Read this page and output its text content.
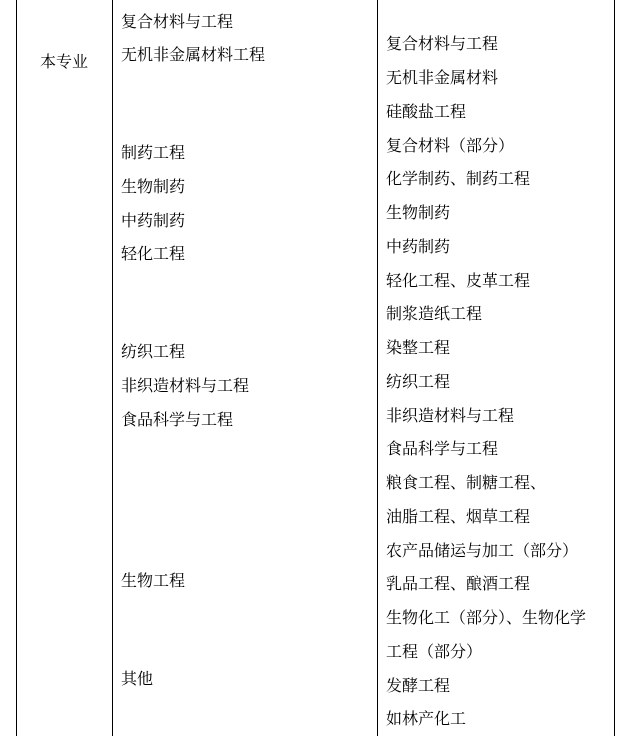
本专业
复合材料与工程
无机非金属材料工程
制药工程
生物制药
中药制药
轻化工程
纺织工程
非织造材料与工程
食品科学与工程
生物工程
其他
复合材料与工程
无机非金属材料
硅酸盐工程
复合材料（部分）
化学制药、制药工程
生物制药
中药制药
轻化工程、皮革工程
制浆造纸工程
染整工程
纺织工程
非织造材料与工程
食品科学与工程
粮食工程、制糖工程、
油脂工程、烟草工程
农产品储运与加工（部分）
乳品工程、酿酒工程
生物化工（部分）、生物化学
工程（部分）
发酵工程
如林产化工
